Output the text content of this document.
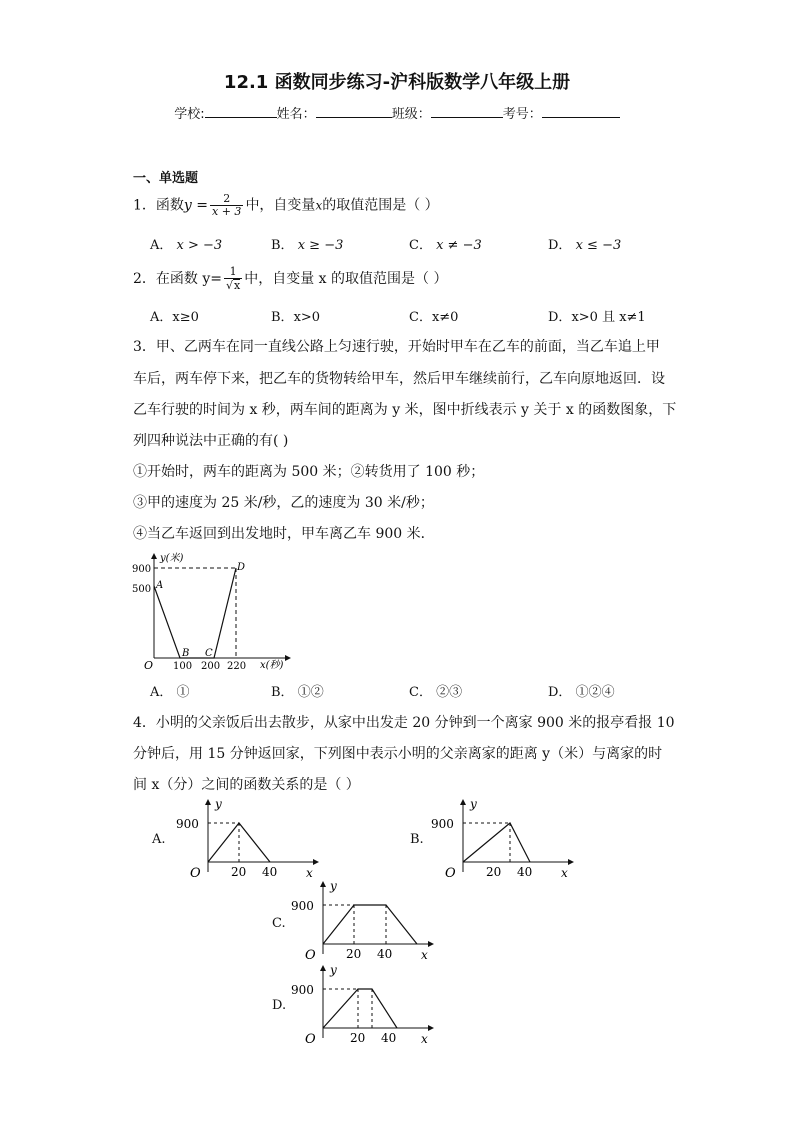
12.1 函数同步练习-沪科版数学八年级上册
学校:	姓名：	班级：	考号：
一、单选题
1．函数$y = \frac{2}{x + 3}$ 中，自变量x的取值范围是（ ）
A． x > −3	B． x ≥ −3	C． x ≠ −3	D． x ≤ −3
2．在函数 $y= \frac{1}{√x}$ 中，自变量 x 的取值范围是（ ）
A．x≥0	B．x>0	C．x≠0	D．x>0 且 x≠1
3．甲、乙两车在同一直线公路上匀速行驶，开始时甲车在乙车的前面，当乙车追上甲
车后，两车停下来，把乙车的货物转给甲车，然后甲车继续前行，乙车向原地返回．设
乙车行驶的时间为 x 秒，两车间的距离为 y 米，图中折线表示 y 关于 x 的函数图象，下
列四种说法中正确的有( )
①开始时，两车的距离为 500 米；②转货用了 100 秒；
③甲的速度为 25 米/秒，乙的速度为 30 米/秒；
④当乙车返回到出发地时，甲车离乙车 900 米．
y(米)
x(秒)
O
900
500
100 200 220
A
B C
D
A． ①	B． ①②	C． ②③	D． ①②④
4．小明的父亲饭后出去散步，从家中出发走 20 分钟到一个离家 900 米的报亭看报 10
分钟后，用 15 分钟返回家，下列图中表示小明的父亲离家的距离 y（米）与离家的时
间 x（分）之间的函数关系的是（ ）
A.	B.
C.
D.
y
900
O	20 40 x
y
900
O	20 40 x
y
900
O	20 40 x
y
900
O	20 40 x
